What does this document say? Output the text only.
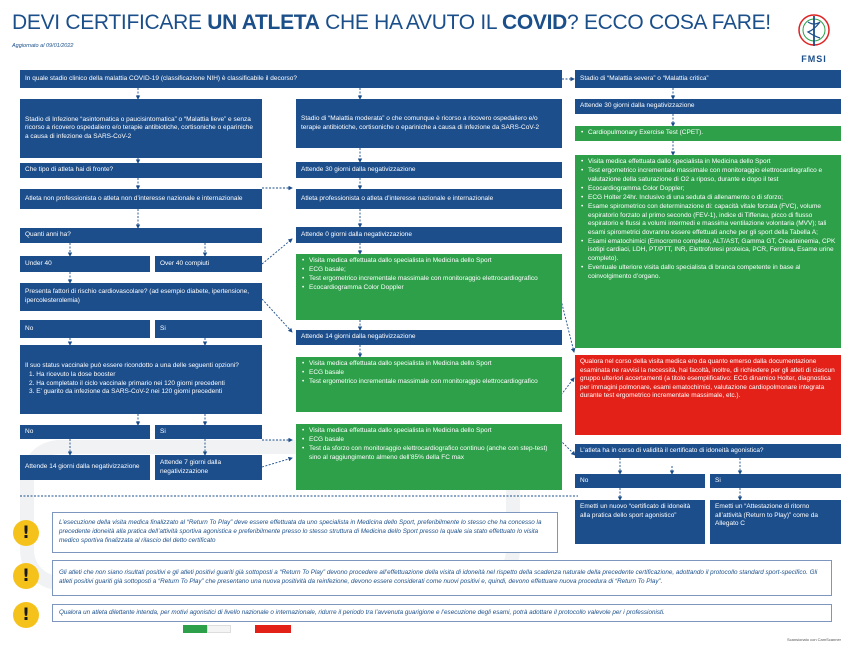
DEVI CERTIFICARE UN ATLETA CHE HA AVUTO IL COVID? ECCO COSA FARE!
Aggiornato al 09/01/2022
FMSI
In quale stadio clinico della malattia COVID-19 (classificazione NIH) è classificabile il decorso?
Stadio di Infezione “asintomatica o paucisintomatica” o “Malattia lieve” e senza ricorso a ricovero ospedaliero e/o terapie antibiotiche, cortisoniche o epariniche a causa di infezione da SARS-CoV-2
Che tipo di atleta hai di fronte?
Atleta non professionista o atleta non d’interesse nazionale e internazionale
Quanti anni ha?
Under 40	Over 40 compiuti
Presenta fattori di rischio cardiovascolare? (ad esempio diabete, ipertensione, ipercolesterolemia)
No	Si
Il suo status vaccinale può essere ricondotto a una delle seguenti opzioni?
1. Ha ricevuto la dose booster
2. Ha completato il ciclo vaccinale primario nei 120 giorni precedenti
3. E’ guarito da infezione da SARS-CoV-2 nei 120 giorni precedenti
No	Si
Attende 14 giorni dalla negativizzazione
Attende 7 giorni dalla negativizzazione
Stadio di “Malattia moderata” o che comunque è ricorso a ricovero ospedaliero e/o terapie antibiotiche, cortisoniche o epariniche a causa di infezione da SARS-CoV-2
Attende 30 giorni dalla negativizzazione
Atleta professionista o atleta d’interesse nazionale e internazionale
Attende 0 giorni dalla negativizzazione
• Visita medica effettuata dallo specialista in Medicina dello Sport
• ECG basale;
• Test ergometrico incrementale massimale con monitoraggio elettrocardiografico
• Ecocardiogramma Color Doppler
Attende 14 giorni dalla negativizzazione
• Visita medica effettuata dallo specialista in Medicina dello Sport
• ECG basale
• Test ergometrico incrementale massimale con monitoraggio elettrocardiografico
• Visita medica effettuata dallo specialista in Medicina dello Sport
• ECG basale
• Test da sforzo con monitoraggio elettrocardiografico continuo (anche con step-test) sino al raggiungimento almeno dell’85% della FC max
Stadio di “Malattia severa” o “Malattia critica”
Attende 30 giorni dalla negativizzazione
• Cardiopulmonary Exercise Test (CPET).
• Visita medica effettuata dallo specialista in Medicina dello Sport
• Test ergometrico incrementale massimale con monitoraggio elettrocardiografico e valutazione della saturazione di O2 a riposo, durante e dopo il test
• Ecocardiogramma Color Doppler;
• ECG Holter 24hr. Inclusivo di una seduta di allenamento o di sforzo;
• Esame spirometrico con determinazione di: capacità vitale forzata (FVC), volume espiratorio forzato al primo secondo (FEV-1), indice di Tiffenau, picco di flusso espiratorio e flussi a volumi intermedi e massima ventilazione volontaria (MVV); tali esami spirometrici dovranno essere effettuati anche per gli sport della Tabella A;
• Esami ematochimici (Emocromo completo, ALT/AST, Gamma GT, Creatininemia, CPK isotipi cardiaci, LDH, PT/PTT, INR, Elettroforesi proteica, PCR, Ferritina, Esame urine completo).
• Eventuale ulteriore visita dallo specialista di branca competente in base al coinvolgimento d’organo.
Qualora nel corso della visita medica e/o da quanto emerso dalla documentazione esaminata ne ravvisi la necessità, hai facoltà, inoltre, di richiedere per gli atleti di ciascun gruppo ulteriori accertamenti (a titolo esemplificativo: ECG dinamico Holter, diagnostica per immagini polmonare, esami ematochimici, valutazione cardiopolmonare integrata durante test ergometrico incrementale massimale, etc.).
L’atleta ha in corso di validità il certificato di idoneità agonistica?
No	Si
Emetti un nuovo “certificato di idoneità alla pratica dello sport agonistico”
Emetti un “Attestazione di ritorno all’attività (Return to Play)” come da Allegato C
!
L’esecuzione della visita medica finalizzato al “Return To Play” deve essere effettuata da uno specialista in Medicina dello Sport, preferibilmente lo stesso che ha concesso la precedente idoneità alla pratica dell’attività sportiva agonistica e preferibilmente presso lo stesso struttura di Medicina dello Sport presso la quale sia stato effettuato lo visita medico sportiva finalizzata al rilascio del detto certificato
!	Gli atleti che non siano risultati positivi e gli atleti positivi guariti già sottoposti a “Return To Play” devono procedere all’effettuazione della visita di idoneità nel rispetto della scadenza naturale della precedente certificazione, adottando il protocollo standard sport-specifico. Gli atleti positivi guariti già sottoposti a “Return To Play” che presentano una nuova positività da reinfezione, devono essere considerati come nuovi positivi e, quindi, devono effettuare nuova procedura di “Return To Play”.
!	Qualora un atleta dilettante intenda, per motivi agonistici di livello nazionale o internazionale, ridurre il periodo tra l’avvenuta guarigione e l’esecuzione degli esami, potrà adottare il protocollo valevole per i professionisti.
Scansionato con CamScanner
